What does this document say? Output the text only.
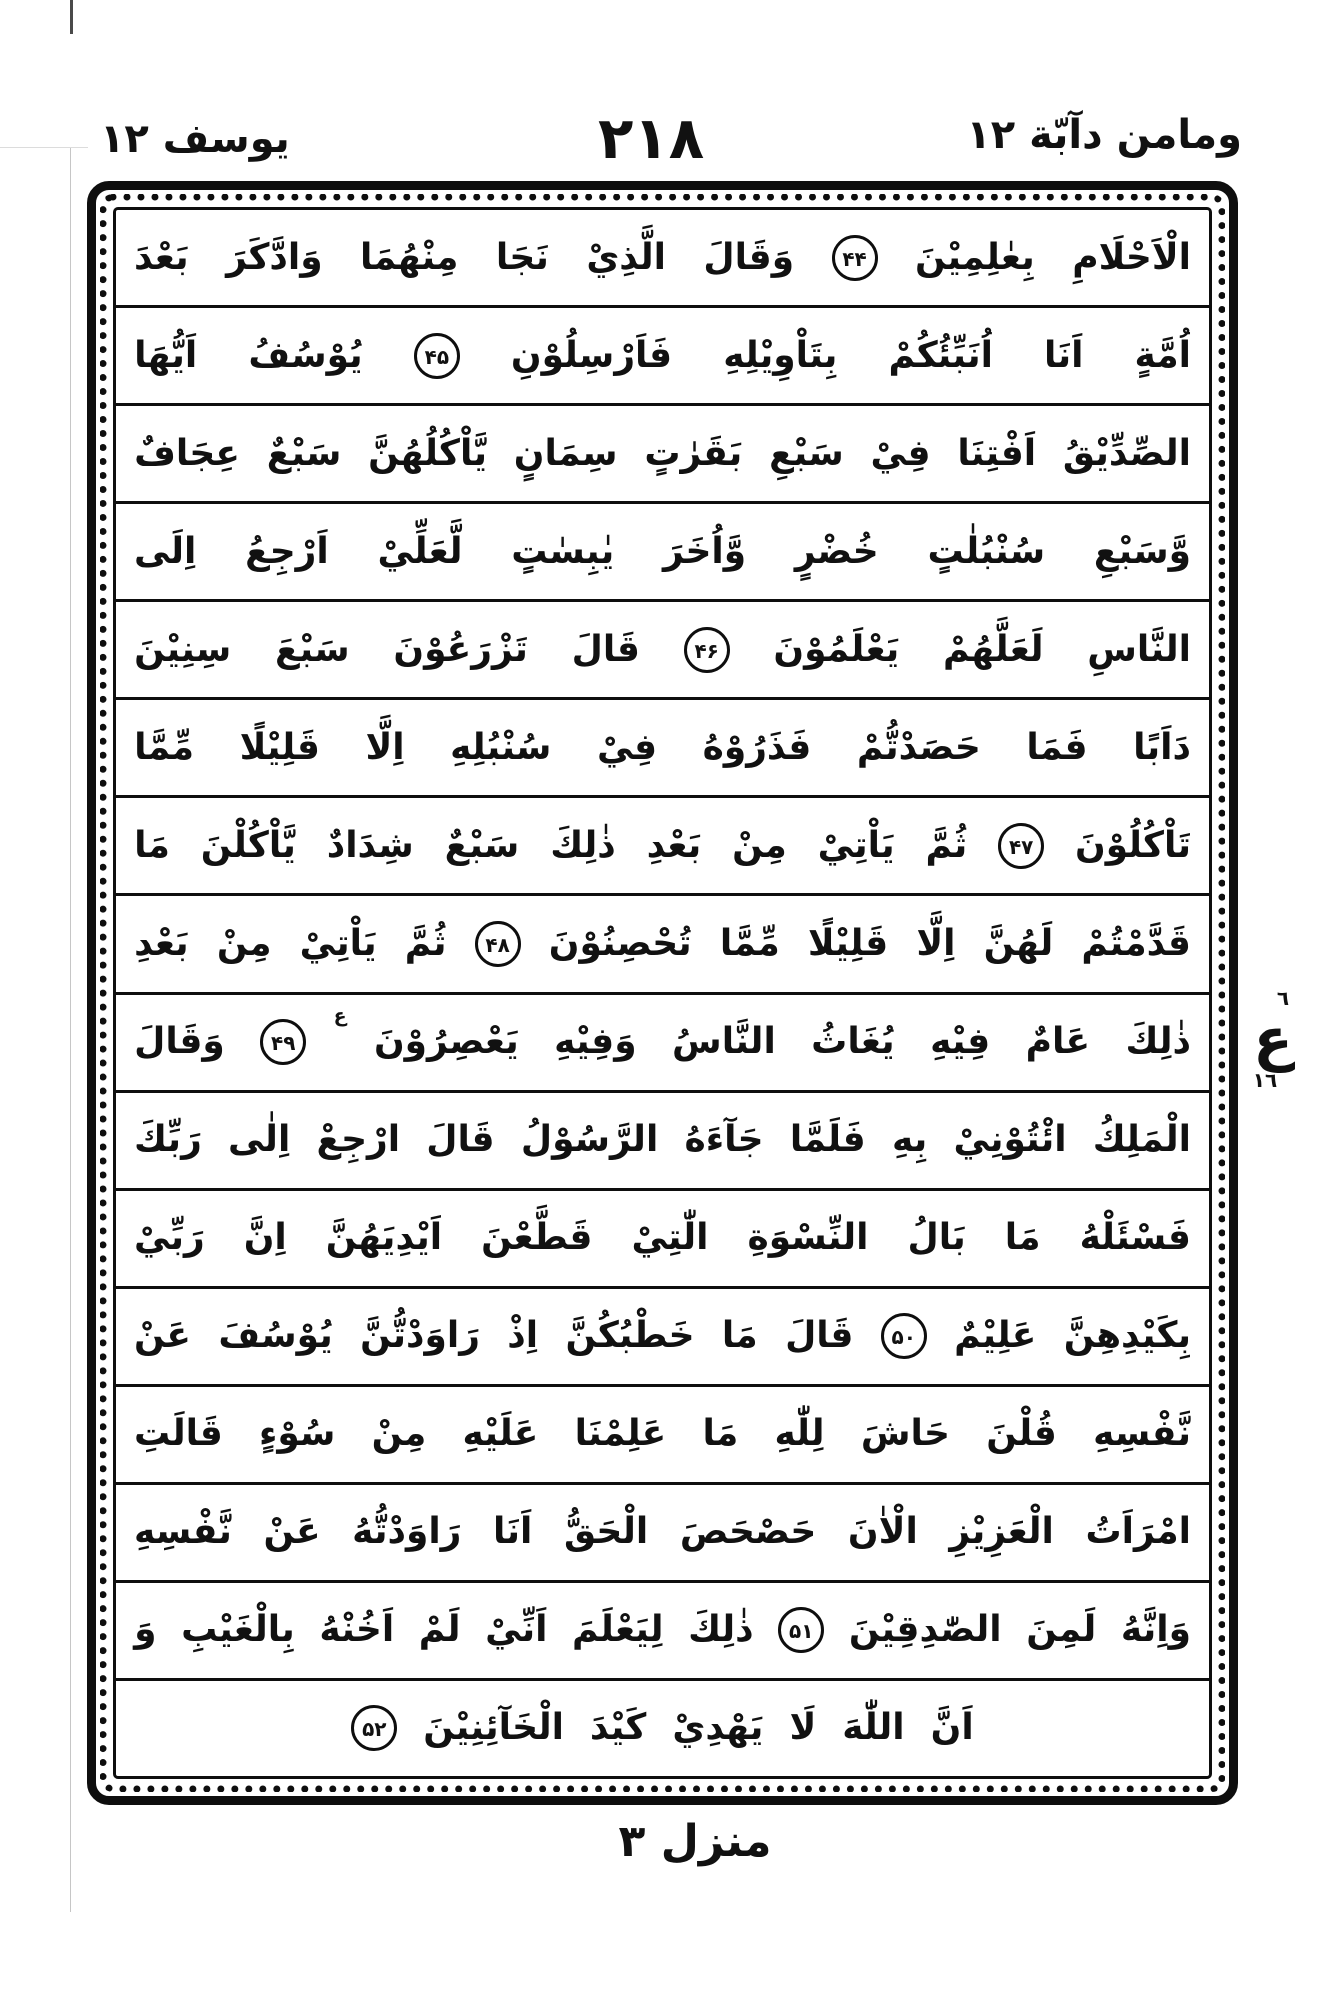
يوسف ١٢	٢١٨	ومامن دآبّة ١٢
الْاَحْلَامِ
بِعٰلِمِيْنَ
۴۴
وَقَالَ
الَّذِيْ
نَجَا
مِنْهُمَا
وَادَّكَرَ
بَعْدَ
اُمَّةٍ
اَنَا
اُنَبِّئُكُمْ
بِتَاْوِيْلِهِ
فَاَرْسِلُوْنِ
۴۵
يُوْسُفُ
اَيُّهَا
الصِّدِّيْقُ
اَفْتِنَا
فِيْ
سَبْعِ
بَقَرٰتٍ
سِمَانٍ
يَّاْكُلُهُنَّ
سَبْعٌ
عِجَافٌ
وَّسَبْعِ
سُنْبُلٰتٍ
خُضْرٍ
وَّاُخَرَ
يٰبِسٰتٍ
لَّعَلِّيْ
اَرْجِعُ
اِلَى
النَّاسِ
لَعَلَّهُمْ
يَعْلَمُوْنَ
۴۶
قَالَ
تَزْرَعُوْنَ
سَبْعَ
سِنِيْنَ
دَاَبًا
فَمَا
حَصَدْتُّمْ
فَذَرُوْهُ
فِيْ
سُنْبُلِهِ
اِلَّا
قَلِيْلًا
مِّمَّا
تَاْكُلُوْنَ
۴۷
ثُمَّ
يَاْتِيْ
مِنْ
بَعْدِ
ذٰلِكَ
سَبْعٌ
شِدَادٌ
يَّاْكُلْنَ
مَا
قَدَّمْتُمْ
لَهُنَّ
اِلَّا
قَلِيْلًا
مِّمَّا
تُحْصِنُوْنَ
۴۸
ثُمَّ
يَاْتِيْ
مِنْ
بَعْدِ
ذٰلِكَ
عَامٌ
فِيْهِ
يُغَاثُ
النَّاسُ
وَفِيْهِ
يَعْصِرُوْنَ
ع
۴۹
وَقَالَ
الْمَلِكُ
ائْتُوْنِيْ
بِهِ
فَلَمَّا
جَآءَهُ
الرَّسُوْلُ
قَالَ
ارْجِعْ
اِلٰى
رَبِّكَ
فَسْئَلْهُ
مَا
بَالُ
النِّسْوَةِ
الّٰتِيْ
قَطَّعْنَ
اَيْدِيَهُنَّ
اِنَّ
رَبِّيْ
بِكَيْدِهِنَّ
عَلِيْمٌ
۵۰
قَالَ
مَا
خَطْبُكُنَّ
اِذْ
رَاوَدْتُّنَّ
يُوْسُفَ
عَنْ
نَّفْسِهِ
قُلْنَ
حَاشَ
لِلّٰهِ
مَا
عَلِمْنَا
عَلَيْهِ
مِنْ
سُوْءٍ
قَالَتِ
امْرَاَتُ
الْعَزِيْزِ
الْاٰنَ
حَصْحَصَ
الْحَقُّ
اَنَا
رَاوَدْتُّهُ
عَنْ
نَّفْسِهِ
وَاِنَّهُ
لَمِنَ
الصّٰدِقِيْنَ
۵۱
ذٰلِكَ
لِيَعْلَمَ
اَنِّيْ
لَمْ
اَخُنْهُ
بِالْغَيْبِ
وَ
اَنَّ
اللّٰهَ
لَا
يَهْدِيْ
كَيْدَ
الْخَآئِنِيْنَ
۵۲
٦
ع
١٦
منزل ٣
